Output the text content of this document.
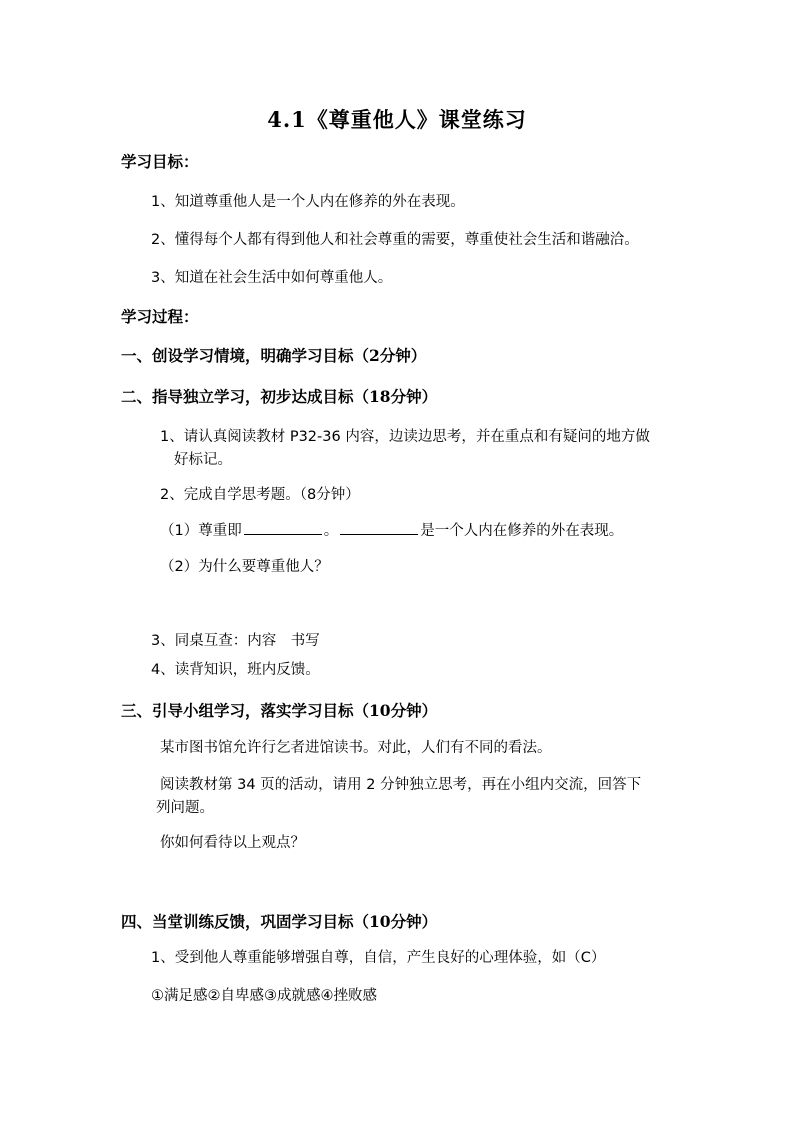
4.1《尊重他人》课堂练习
学习目标：
1、知道尊重他人是一个人内在修养的外在表现。
2、懂得每个人都有得到他人和社会尊重的需要，尊重使社会生活和谐融洽。
3、知道在社会生活中如何尊重他人。
学习过程：
一、创设学习情境，明确学习目标（2分钟）
二、指导独立学习，初步达成目标（18分钟）
1、请认真阅读教材 P32-36 内容，边读边思考，并在重点和有疑问的地方做
好标记。
2、完成自学思考题。（8分钟）
（1）尊重即	。	是一个人内在修养的外在表现。
（2）为什么要尊重他人？
3、同桌互查：内容　书写
4、读背知识，班内反馈。
三、引导小组学习，落实学习目标（10分钟）
某市图书馆允许行乞者进馆读书。对此，人们有不同的看法。
阅读教材第 34 页的活动，请用 2 分钟独立思考，再在小组内交流，回答下
列问题。
你如何看待以上观点？
四、当堂训练反馈，巩固学习目标（10分钟）
1、受到他人尊重能够增强自尊，自信，产生良好的心理体验，如（C）
①满足感②自卑感③成就感④挫败感
